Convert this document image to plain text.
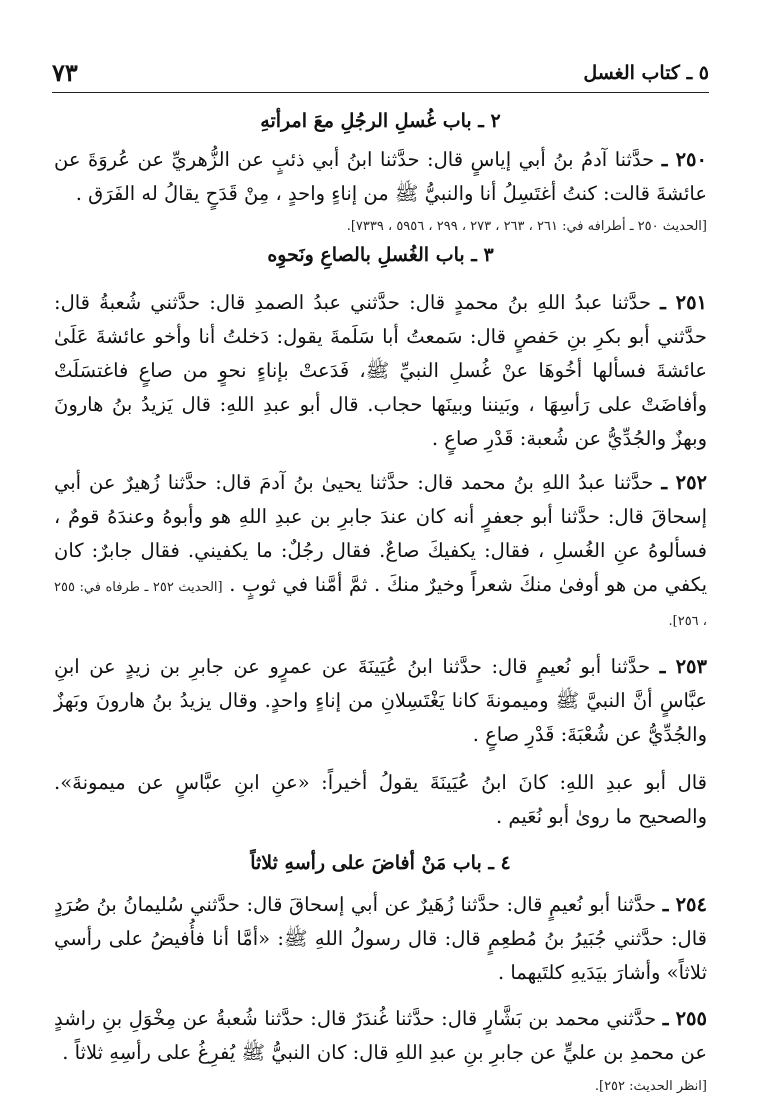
٥ ـ كتاب الغسل
٧٣
٢ ـ باب غُسلِ الرجُلِ معَ امرأتهِ

٢٥٠ ـ حدَّثنا آدمُ بنُ أبي إياسٍ قال: حدَّثنا ابنُ أبي ذئبٍ عن الزُّهريِّ عن عُروَةَ عن عائشةَ قالت: كنتُ أغتَسِلُ أنا والنبيُّ ﷺ من إناءٍ واحدٍ ، مِنْ قَدَحٍ يقالُ له الفَرَق .

[الحديث ٢٥٠ ـ أطرافه في: ٢٦١ ، ٢٦٣ ، ٢٧٣ ، ٢٩٩ ، ٥٩٥٦ ، ٧٣٣٩].

٣ ـ باب الغُسلِ بالصاعِ ونَحوِه

٢٥١ ـ حدَّثنا عبدُ اللهِ بنُ محمدٍ قال: حدَّثني عبدُ الصمدِ قال: حدَّثني شُعبةُ قال: حدَّثني أبو بكرِ بنِ حَفصٍ قال: سَمعتُ أبا سَلَمةَ يقول: دَخلتُ أنا وأخو عائشةَ عَلَىٰ عائشةَ فسألها أخُوهَا عنْ غُسلِ النبيِّ ﷺ، فَدَعتْ بإناءٍ نحوٍ من صاعٍ فاغتسَلَتْ وأفاضَتْ على رَأسِهَا ، وبَيننا وبينَها حجاب. قال أبو عبدِ اللهِ: قال يَزيدُ بنُ هارونَ وبهزٌ والجُدِّيُّ عن شُعبة: قَدْرِ صاعٍ .

٢٥٢ ـ حدَّثنا عبدُ اللهِ بنُ محمد قال: حدَّثنا يحيىٰ بنُ آدمَ قال: حدَّثنا زُهيرٌ عن أبي إسحاقَ قال: حدَّثنا أبو جعفرٍ أنه كان عندَ جابرِ بن عبدِ اللهِ هو وأبوهُ وعندَهُ قومٌ ، فسألوهُ عنِ الغُسلِ ، فقال: يكفيكَ صاعٌ. فقال رجُلٌ: ما يكفيني. فقال جابرٌ: كان يكفي من هو أوفىٰ منكَ شعراً وخيرٌ منكَ . ثمَّ أمَّنا في ثوبٍ . [الحديث ٢٥٢ ـ طرفاه في: ٢٥٥ ، ٢٥٦].

٢٥٣ ـ حدَّثنا أبو نُعيمٍ قال: حدَّثنا ابنُ عُيَينَةَ عن عمرٍو عن جابرِ بن زيدٍ عن ابنِ عبَّاسٍ أنَّ النبيَّ ﷺ وميمونةَ كانا يَغْتَسِلانِ من إناءٍ واحدٍ. وقال يزيدُ بنُ هارونَ وبَهزٌ والجُدِّيُّ عن شُعْبَةَ: قَدْرِ صاعٍ .

قال أبو عبدِ اللهِ: كانَ ابنُ عُيَينَةَ يقولُ أخيراً: «عنِ ابنِ عبَّاسٍ عن ميمونةَ». والصحيح ما روىٰ أبو نُعَيم .

٤ ـ باب مَنْ أفاضَ على رأسهِ ثلاثاً

٢٥٤ ـ حدَّثنا أبو نُعيمٍ قال: حدَّثنا زُهَيرٌ عن أبي إسحاقَ قال: حدَّثني سُليمانُ بنُ صُرَدٍ قال: حدَّثني جُبَيرُ بنُ مُطعِمٍ قال: قال رسولُ اللهِ ﷺ: «أمَّا أنا فأُفيضُ على رأسي ثلاثاً» وأشارَ بيَدَيهِ كلتَيهما .

٢٥٥ ـ حدَّثني محمد بن بَشَّارٍ قال: حدَّثنا غُندَرٌ قال: حدَّثنا شُعبةُ عن مِخْوَلِ بنِ راشدٍ عن محمدِ بن عليٍّ عن جابرِ بنِ عبدِ اللهِ قال: كان النبيُّ ﷺ يُفرِغُ على رأسِهِ ثلاثاً .

[انظر الحديث: ٢٥٢].
